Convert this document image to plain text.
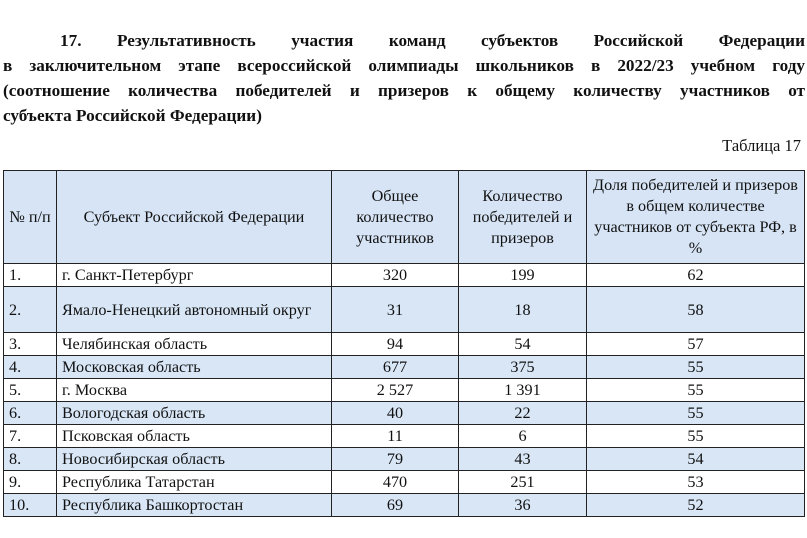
17. Результативность участия команд субъектов Российской Федерации
в заключительном этапе всероссийской олимпиады школьников в 2022/23 учебном году
(соотношение количества победителей и призеров к общему количеству участников от
субъекта Российской Федерации)
Таблица 17
№ п/п	Субъект Российской Федерации	Общее количество участников	Количество победителей и призеров	Доля победителей и призеров в общем количестве участников от субъекта РФ, в %
1.	г. Санкт-Петербург	320	199	62
2.	Ямало-Ненецкий автономный округ	31	18	58
3.	Челябинская область	94	54	57
4.	Московская область	677	375	55
5.	г. Москва	2 527	1 391	55
6.	Вологодская область	40	22	55
7.	Псковская область	11	6	55
8.	Новосибирская область	79	43	54
9.	Республика Татарстан	470	251	53
10.	Республика Башкортостан	69	36	52
